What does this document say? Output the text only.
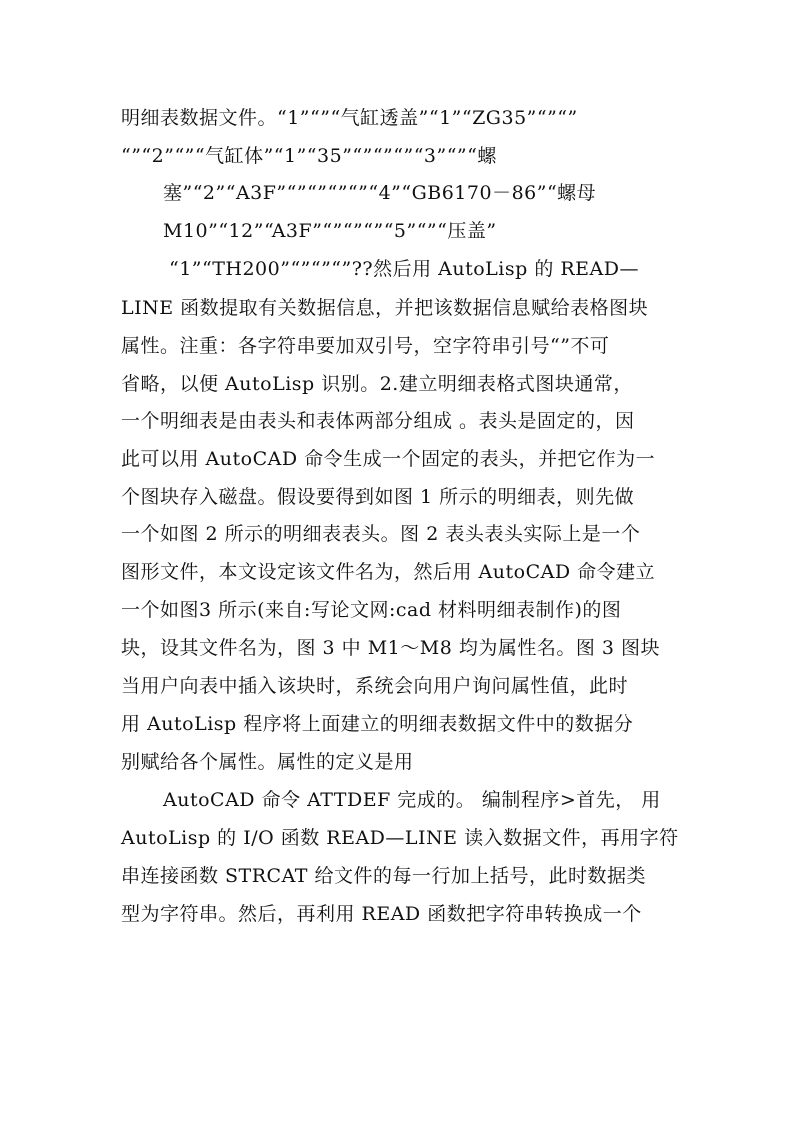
明细表数据文件。“1”“”“气缸透盖”“1”“ZG35”“”“”
“”“2”“”“气缸体”“1”“35”“”“”“”“3”“”“螺
塞”“2”“A3F”“”“”“”“”“4”“GB6170－86”“螺母
M10”“12”“A3F”“”“”“”“5”“”“压盖”
“1”“TH200”“”“”“”??然后用 AutoLisp 的 READ—
LINE 函数提取有关数据信息，并把该数据信息赋给表格图块
属性。注重：各字符串要加双引号，空字符串引号“”不可
省略，以便 AutoLisp 识别。2.建立明细表格式图块通常，
一个明细表是由表头和表体两部分组成 。表头是固定的，因
此可以用 AutoCAD 命令生成一个固定的表头，并把它作为一
个图块存入磁盘。假设要得到如图 1 所示的明细表，则先做
一个如图 2 所示的明细表表头。图 2 表头表头实际上是一个
图形文件，本文设定该文件名为，然后用 AutoCAD 命令建立
一个如图3 所示(来自:写论文网:cad 材料明细表制作)的图
块，设其文件名为，图 3 中 M1～M8 均为属性名。图 3 图块
当用户向表中插入该块时，系统会向用户询问属性值，此时
用 AutoLisp 程序将上面建立的明细表数据文件中的数据分
别赋给各个属性。属性的定义是用
AutoCAD 命令 ATTDEF 完成的。 编制程序>首先， 用
AutoLisp 的 I/O 函数 READ—LINE 读入数据文件，再用字符
串连接函数 STRCAT 给文件的每一行加上括号，此时数据类
型为字符串。然后，再利用 READ 函数把字符串转换成一个
